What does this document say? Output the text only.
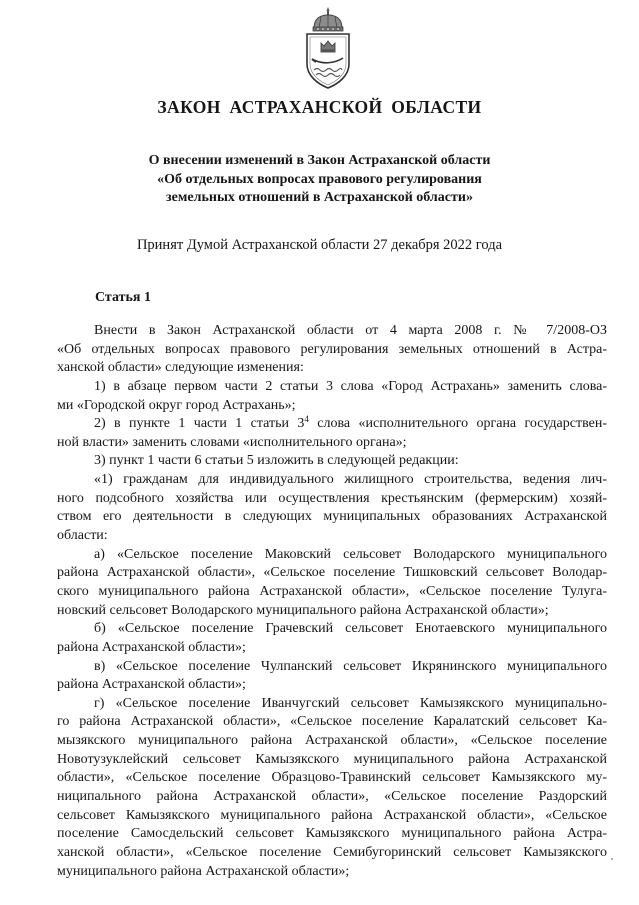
ЗАКОН АСТРАХАНСКОЙ ОБЛАСТИ
О внесении изменений в Закон Астраханской области
«Об отдельных вопросах правового регулирования
земельных отношений в Астраханской области»
Принят Думой Астраханской области 27 декабря 2022 года
Статья 1
Внести в Закон Астраханской области от 4 марта 2008 г. № 7/2008-ОЗ
«Об отдельных вопросах правового регулирования земельных отношений в Астра-
ханской области» следующие изменения:
1) в абзаце первом части 2 статьи 3 слова «Город Астрахань» заменить слова-
ми «Городской округ город Астрахань»;
2) в пункте 1 части 1 статьи $3^4$ слова «исполнительного органа государствен-
ной власти» заменить словами «исполнительного органа»;
3) пункт 1 части 6 статьи 5 изложить в следующей редакции:
«1) гражданам для индивидуального жилищного строительства, ведения лич-
ного подсобного хозяйства или осуществления крестьянским (фермерским) хозяй-
ством его деятельности в следующих муниципальных образованиях Астраханской
области:
а) «Сельское поселение Маковский сельсовет Володарского муниципального
района Астраханской области», «Сельское поселение Тишковский сельсовет Володар-
ского муниципального района Астраханской области», «Сельское поселение Тулуга-
новский сельсовет Володарского муниципального района Астраханской области»;
б) «Сельское поселение Грачевский сельсовет Енотаевского муниципального
района Астраханской области»;
в) «Сельское поселение Чулпанский сельсовет Икрянинского муниципального
района Астраханской области»;
г) «Сельское поселение Иванчугский сельсовет Камызякского муниципально-
го района Астраханской области», «Сельское поселение Каралатский сельсовет Ка-
мызякского муниципального района Астраханской области», «Сельское поселение
Новотузуклейский сельсовет Камызякского муниципального района Астраханской
области», «Сельское поселение Образцово-Травинский сельсовет Камызякского му-
ниципального района Астраханской области», «Сельское поселение Раздорский
сельсовет Камызякского муниципального района Астраханской области», «Сельское
поселение Самосдельский сельсовет Камызякского муниципального района Астра-
ханской области», «Сельское поселение Семибугоринский сельсовет Камызякского
муниципального района Астраханской области»;
